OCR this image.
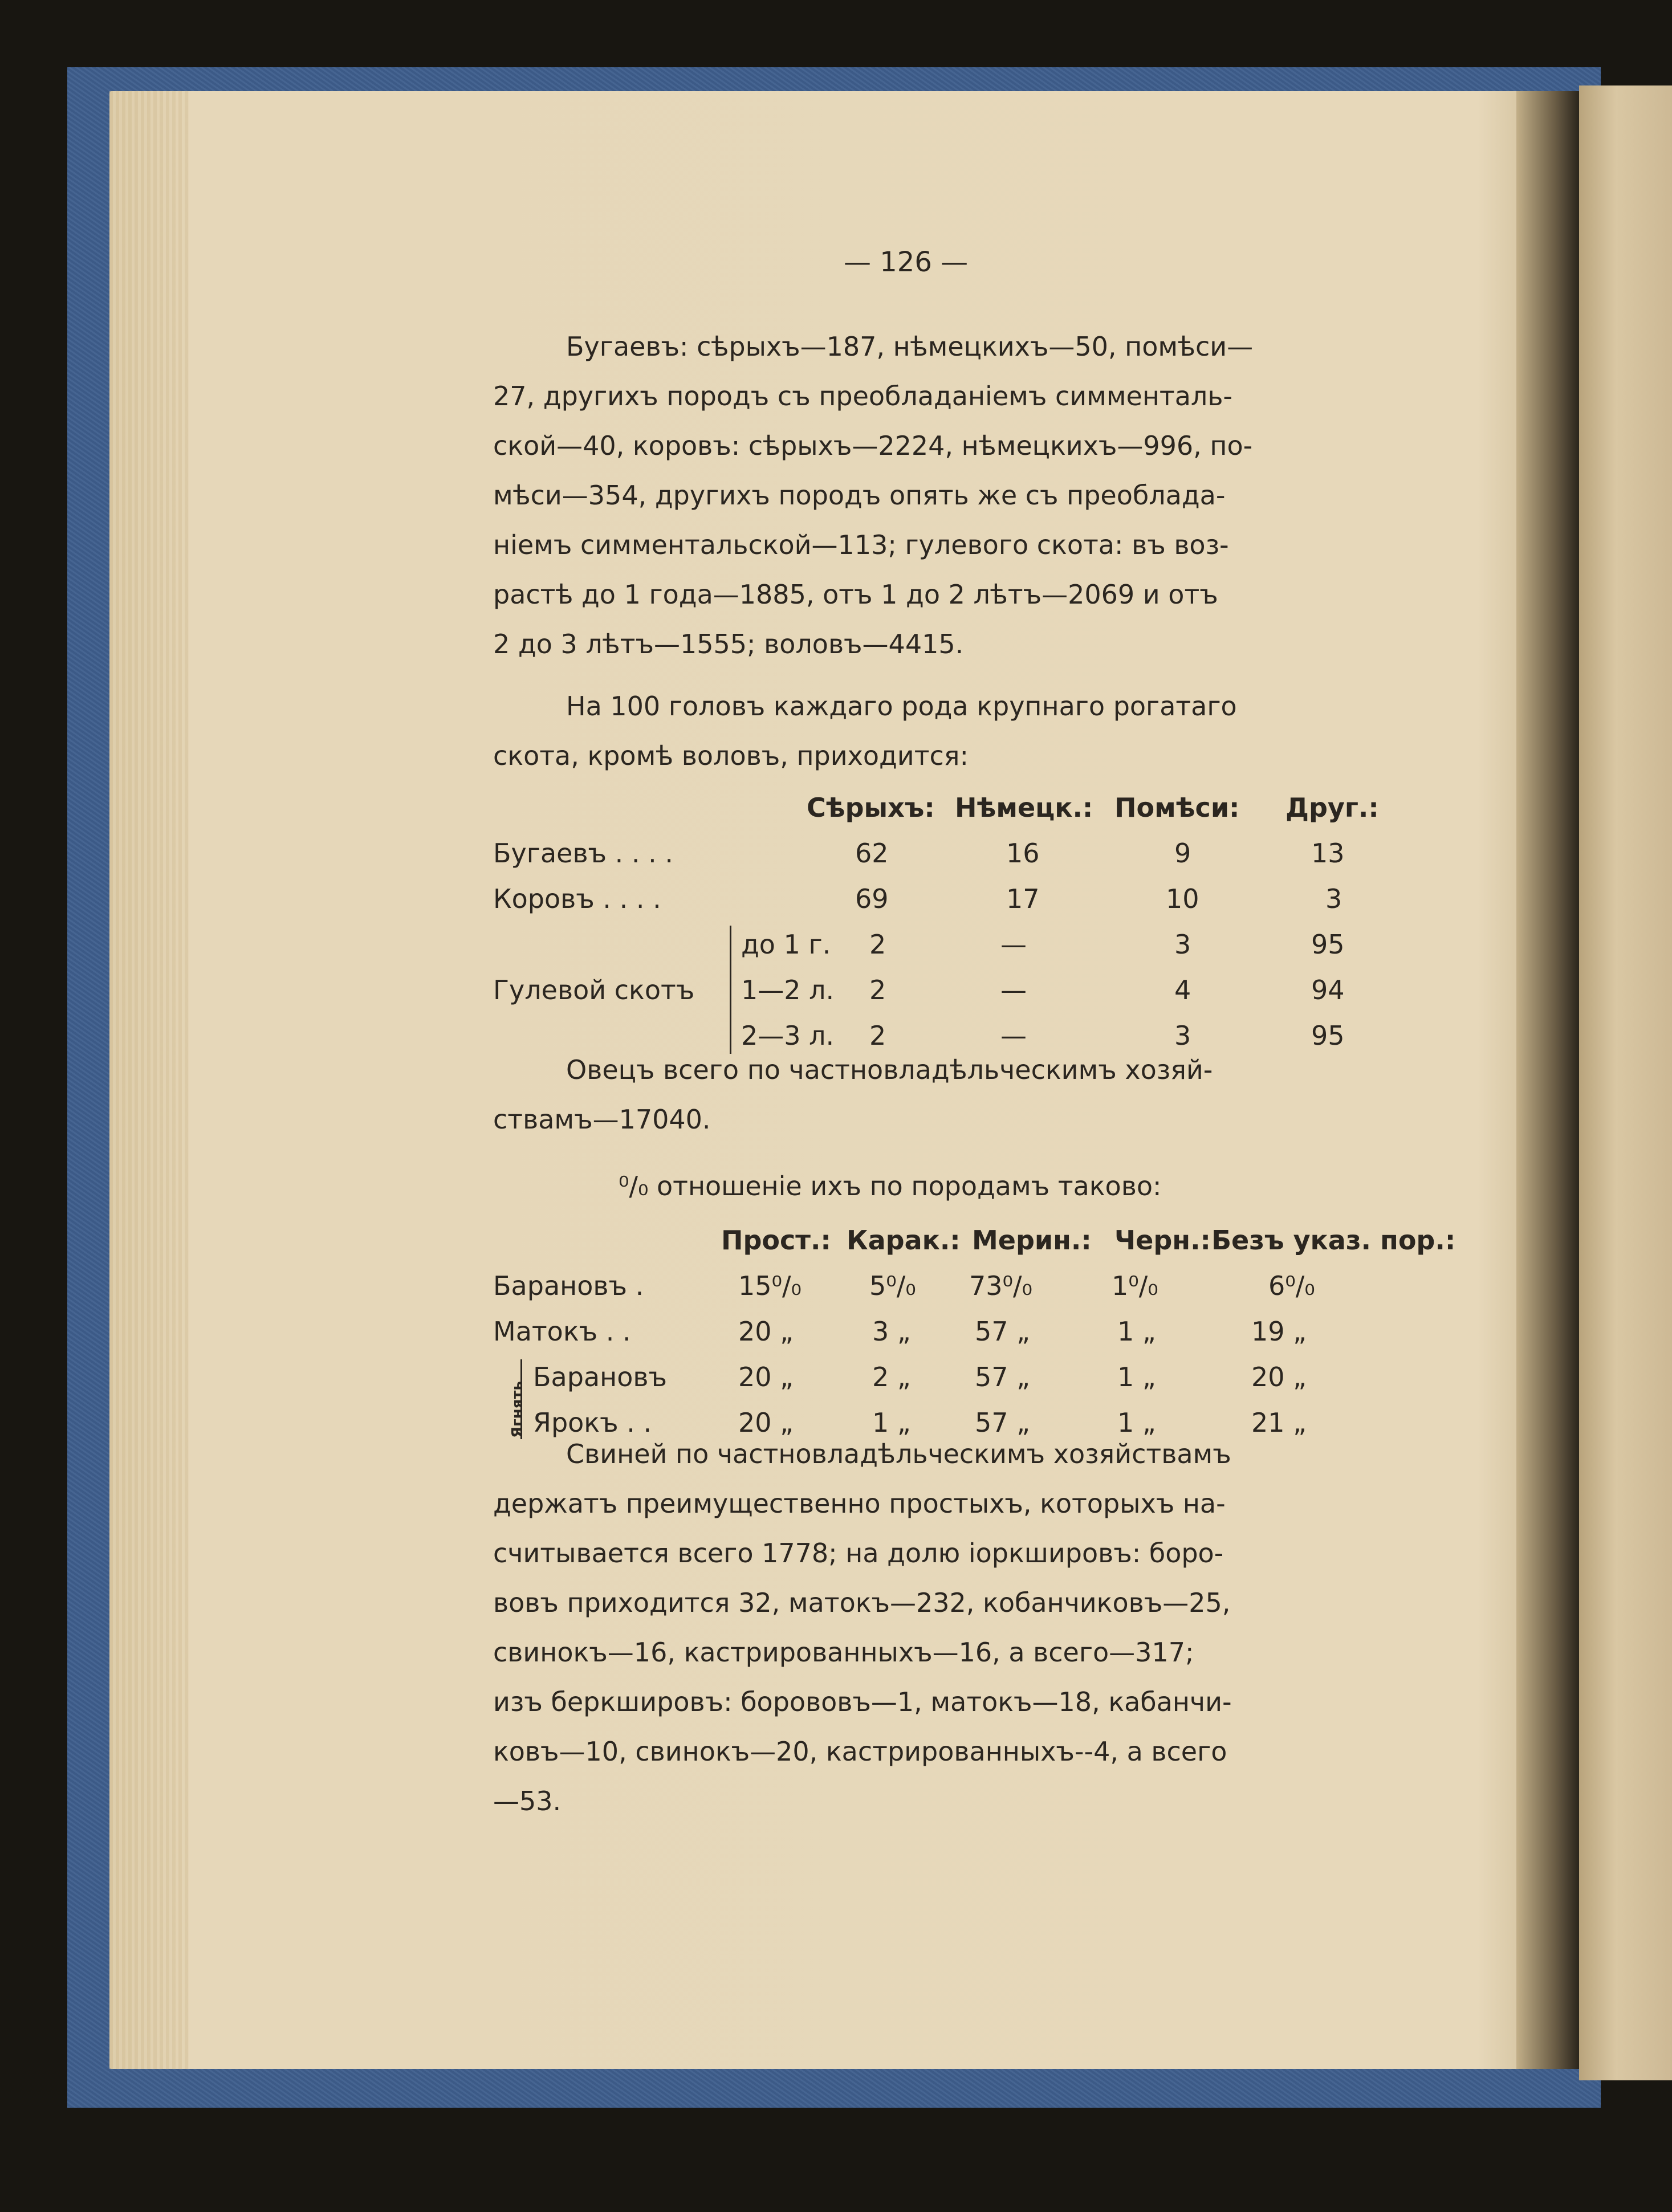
— 126 —

Бугаевъ: сѣрыхъ—187, нѣмецкихъ—50, помѣси—

27, другихъ породъ съ преобладаніемъ симменталь-

ской—40, коровъ: сѣрыхъ—2224, нѣмецкихъ—996, по-

мѣси—354, другихъ породъ опять же съ преоблада-

ніемъ симментальской—113; гулевого скота: въ воз-

растѣ до 1 года—1885, отъ 1 до 2 лѣтъ—2069 и отъ

2 до 3 лѣтъ—1555; воловъ—4415.

На 100 головъ каждаго рода крупнаго рогатаго

скота, кромѣ воловъ, приходится:

Сѣрыхъ: Нѣмецк.: Помѣси: Друг.:
Бугаевъ . . . .	62	16	9	13
Коровъ . . . .	69	17	10	3
Гулевой скотъ
до 1 г. 2	—	3	95
1—2 л. 2	—	4	94
2—3 л. 2	—	3	95

Овецъ всего по частновладѣльческимъ хозяй-

ствамъ—17040.

⁰/₀ отношеніе ихъ по породамъ таково:

Прост.: Карак.: Мерин.: Черн.: Безъ указ. пор.:
Барановъ .	15⁰/₀	5⁰/₀ 73⁰/₀	1⁰/₀	6⁰/₀
Матокъ . .	20 „	3 „ 57 „	1 „	19 „
Ягнять
Барановъ	20 „	2 „ 57 „	1 „	20 „
Ярокъ . .	20 „	1 „ 57 „	1 „	21 „

Свиней по частновладѣльческимъ хозяйствамъ

держатъ преимущественно простыхъ, которыхъ на-

считывается всего 1778; на долю іоркшировъ: боро-

вовъ приходится 32, матокъ—232, кобанчиковъ—25,

свинокъ—16, кастрированныхъ—16, а всего—317;

изъ беркшировъ: борововъ—1, матокъ—18, кабанчи-

ковъ—10, свинокъ—20, кастрированныхъ--4, а всего

—53.
